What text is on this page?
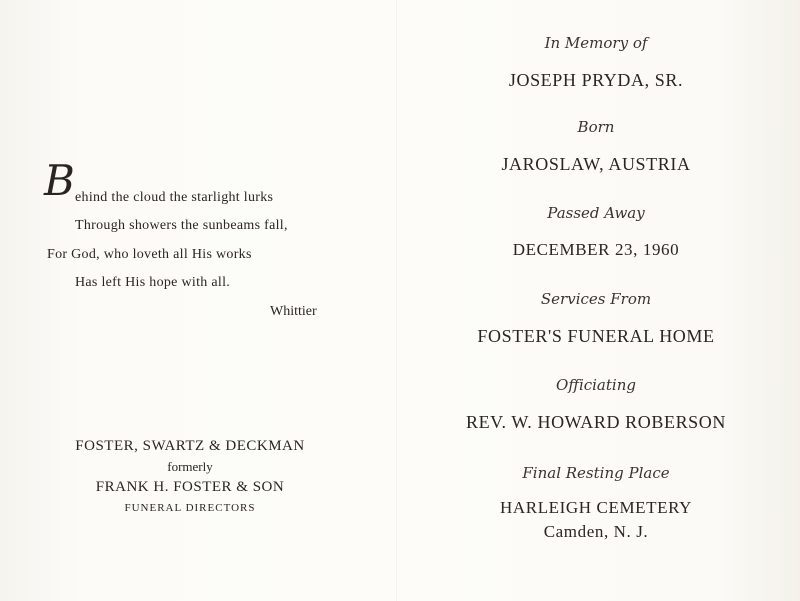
B ehind the cloud the starlight lurks
Through showers the sunbeams fall,
For God, who loveth all His works
Has left His hope with all.
Whittier
FOSTER, SWARTZ & DECKMAN
formerly
FRANK H. FOSTER & SON
FUNERAL DIRECTORS
In Memory of
JOSEPH PRYDA, SR.
Born
JAROSLAW, AUSTRIA
Passed Away
DECEMBER 23, 1960
Services From
FOSTER'S FUNERAL HOME
Officiating
REV. W. HOWARD ROBERSON
Final Resting Place
HARLEIGH CEMETERY
Camden, N. J.
